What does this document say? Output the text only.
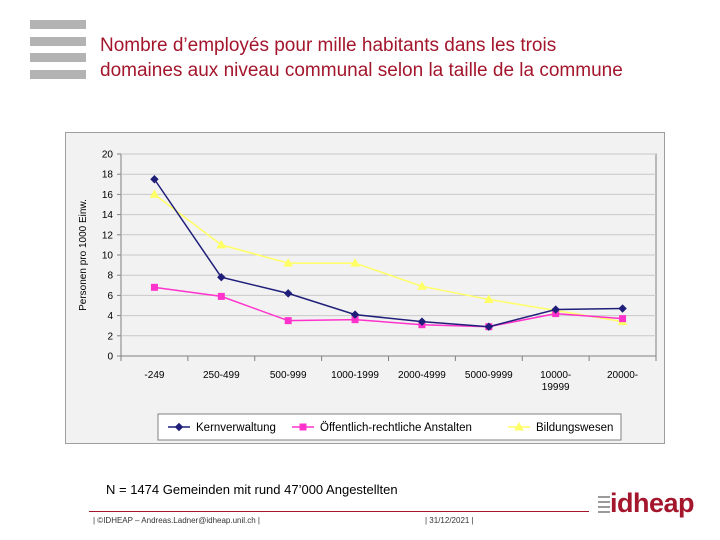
Nombre d’employés pour mille habitants dans les trois
domaines aux niveau communal selon la taille de la commune
0
2
4
6
8
10
12
14
16
18
20
-249	250-499	500-999 1000-1999 2000-4999 5000-9999	10000-
19999
20000-
Personen pro 1000 Einw.
Kernverwaltung	Öffentlich-rechtliche Anstalten	Bildungswesen
N = 1474 Gemeinden mit rund 47’000 Angestellten
| ©IDHEAP – Andreas.Ladner@idheap.unil.ch |	| 31/12/2021 |
idheap
